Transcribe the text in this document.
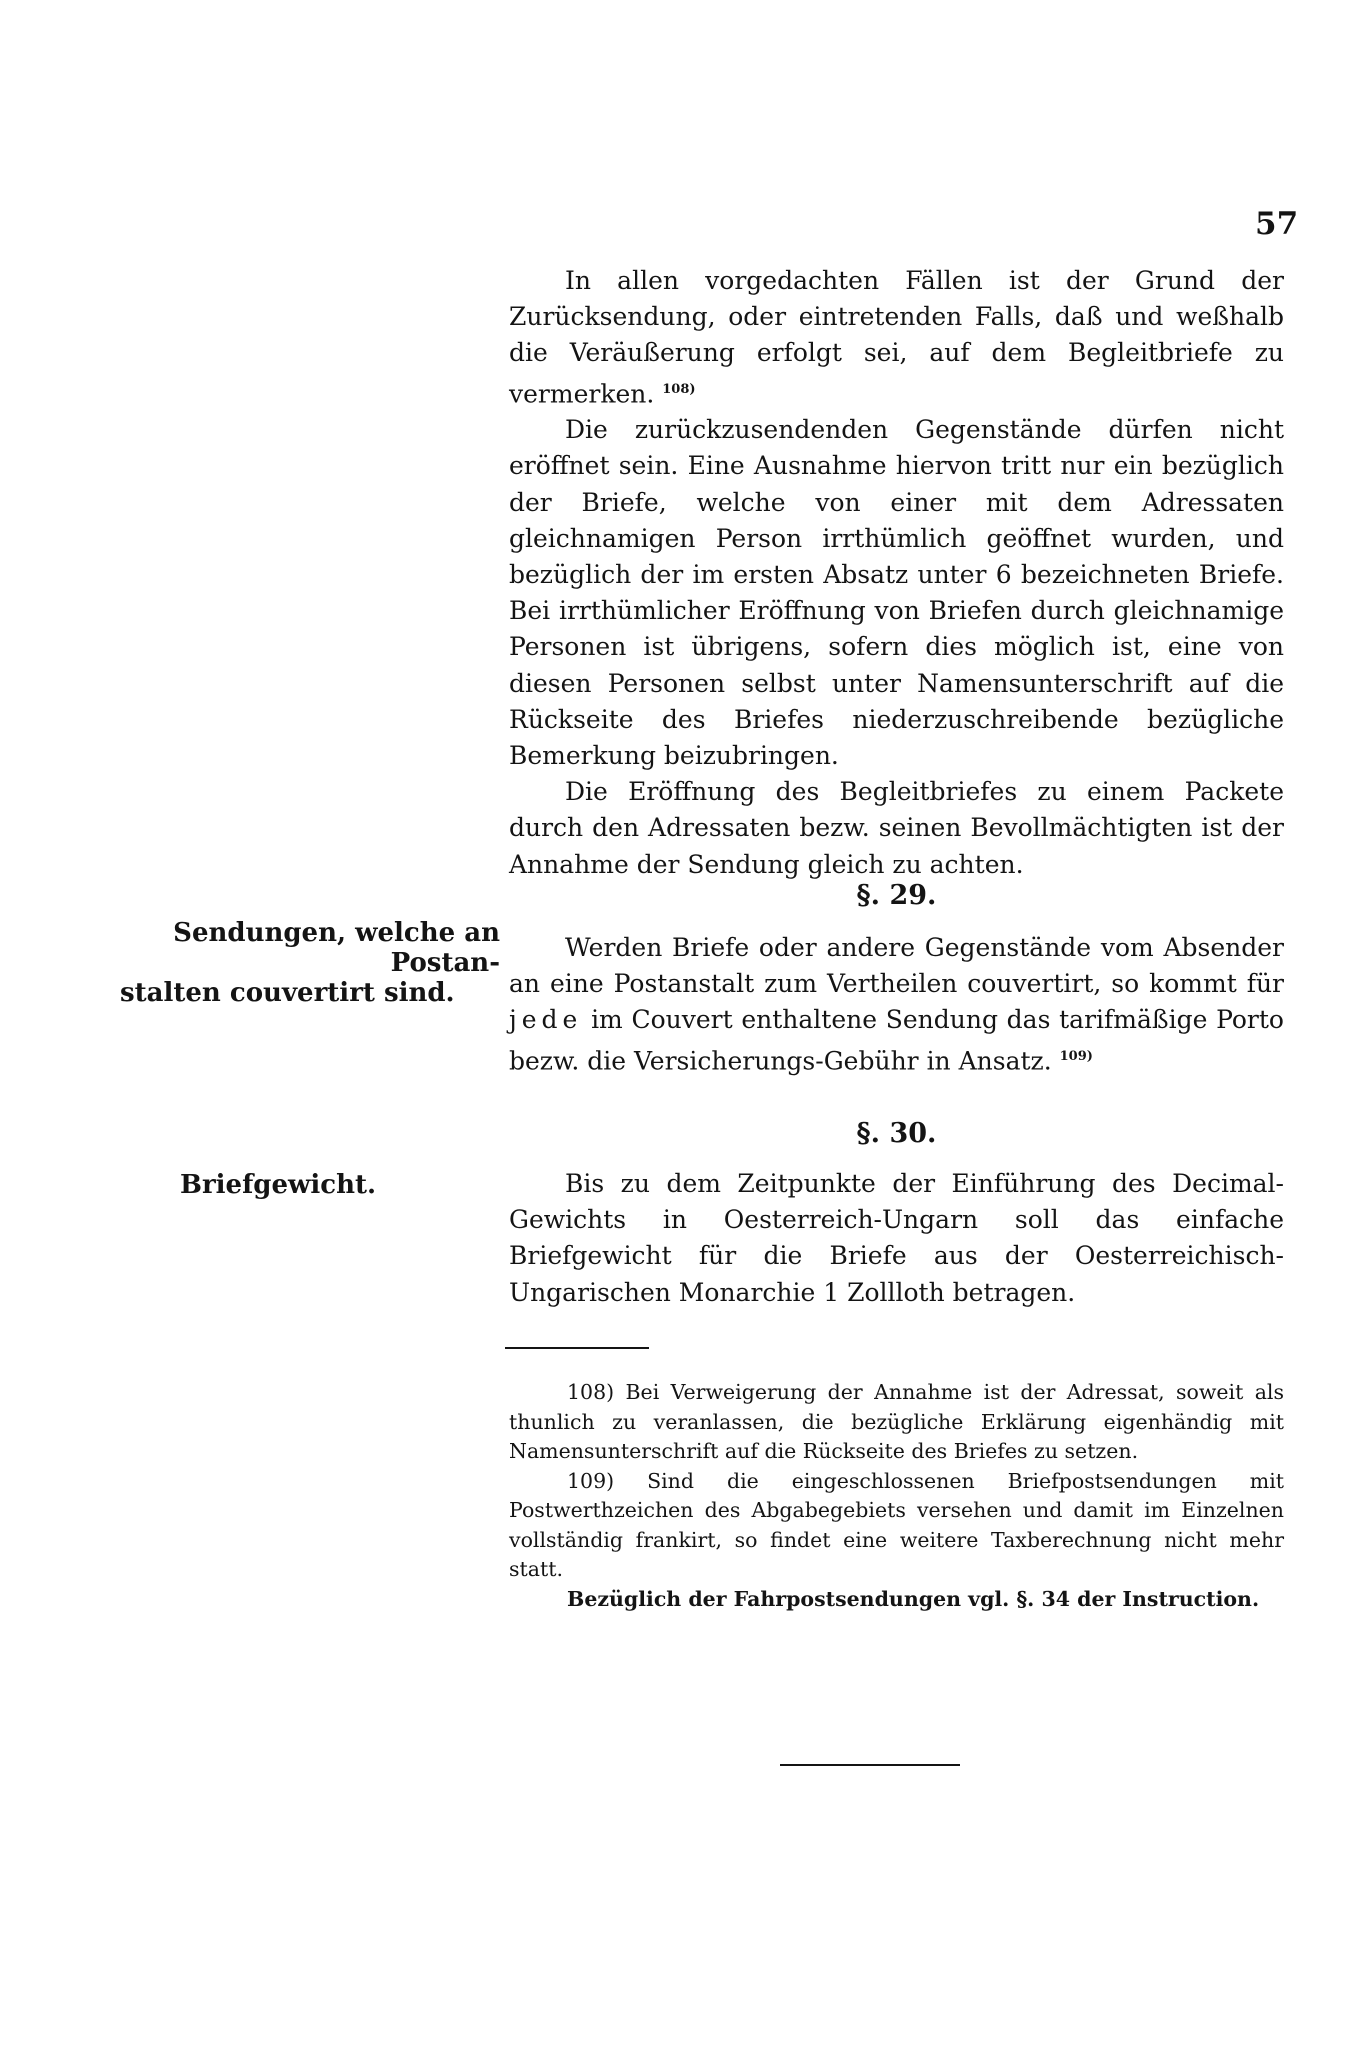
57

In allen vorgedachten Fällen ist der Grund der Zurücksendung, oder eintretenden Falls, daß und weßhalb die Veräußerung erfolgt sei, auf dem Begleitbriefe zu vermerken. $^{108)}$

Die zurückzusendenden Gegenstände dürfen nicht eröffnet sein. Eine Ausnahme hiervon tritt nur ein bezüglich der Briefe, welche von einer mit dem Adressaten gleichnamigen Person irrthümlich geöffnet wurden, und bezüglich der im ersten Absatz unter 6 bezeichneten Briefe. Bei irrthümlicher Eröffnung von Briefen durch gleichnamige Personen ist übrigens, sofern dies möglich ist, eine von diesen Personen selbst unter Namensunterschrift auf die Rückseite des Briefes niederzuschreibende bezügliche Bemerkung beizubringen.

Die Eröffnung des Begleitbriefes zu einem Packete durch den Adressaten bezw. seinen Bevollmächtigten ist der Annahme der Sendung gleich zu achten.

§. 29.
Sendungen, welche an Postan-
stalten couvertirt sind.

Werden Briefe oder andere Gegenstände vom Absender an eine Postanstalt zum Vertheilen couvertirt, so kommt für jede im Couvert enthaltene Sendung das tarifmäßige Porto bezw. die Versicherungs-Gebühr in Ansatz. $^{109)}$

§. 30.
Briefgewicht.	Bis zu dem Zeitpunkte der Einführung des Decimal-Gewichts in Oesterreich-Ungarn soll das einfache Briefgewicht für die Briefe aus der Oesterreichisch-Ungarischen Monarchie 1 Zollloth betragen.

108) Bei Verweigerung der Annahme ist der Adressat, soweit als thunlich zu veranlassen, die bezügliche Erklärung eigenhändig mit Namensunterschrift auf die Rückseite des Briefes zu setzen.

109) Sind die eingeschlossenen Briefpostsendungen mit Postwerthzeichen des Abgabegebiets versehen und damit im Einzelnen vollständig frankirt, so findet eine weitere Taxberechnung nicht mehr statt.

Bezüglich der Fahrpostsendungen vgl. §. 34 der Instruction.
